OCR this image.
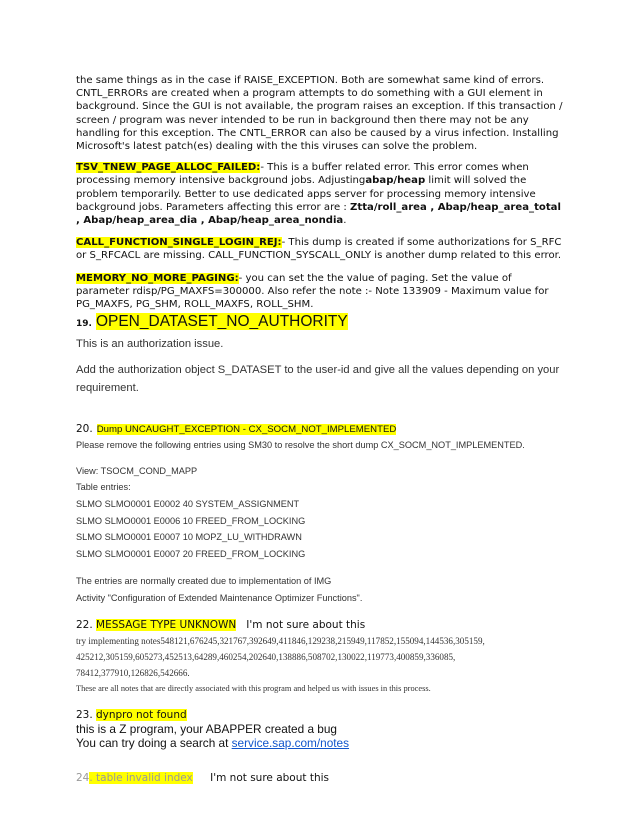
the same things as in the case if RAISE_EXCEPTION. Both are somewhat same kind of errors. CNTL_ERRORs are created when a program attempts to do something with a GUI element in background. Since the GUI is not available, the program raises an exception. If this transaction / screen / program was never intended to be run in background then there may not be any handling for this exception. The CNTL_ERROR can also be caused by a virus infection. Installing Microsoft's latest patch(es) dealing with the this viruses can solve the problem.

TSV_TNEW_PAGE_ALLOC_FAILED:- This is a buffer related error. This error comes when processing memory intensive background jobs. Adjustingabap/heap limit will solved the problem temporarily. Better to use dedicated apps server for processing memory intensive background jobs. Parameters affecting this error are : Ztta/roll_area , Abap/heap_area_total , Abap/heap_area_dia , Abap/heap_area_nondia.

CALL_FUNCTION_SINGLE_LOGIN_REJ:- This dump is created if some authorizations for S_RFC or S_RFCACL are missing. CALL_FUNCTION_SYSCALL_ONLY is another dump related to this error.

MEMORY_NO_MORE_PAGING:- you can set the the value of paging. Set the value of parameter rdisp/PG_MAXFS=300000. Also refer the note :- Note 133909 - Maximum value for PG_MAXFS, PG_SHM, ROLL_MAXFS, ROLL_SHM.

19. OPEN_DATASET_NO_AUTHORITY

This is an authorization issue.

Add the authorization object S_DATASET to the user-id and give all the values depending on your requirement.

20. Dump UNCAUGHT_EXCEPTION - CX_SOCM_NOT_IMPLEMENTED

Please remove the following entries using SM30 to resolve the short dump CX_SOCM_NOT_IMPLEMENTED.

View: TSOCM_COND_MAPP

Table entries:

SLMO SLMO0001 E0002 40 SYSTEM_ASSIGNMENT

SLMO SLMO0001 E0006 10 FREED_FROM_LOCKING

SLMO SLMO0001 E0007 10 MOPZ_LU_WITHDRAWN

SLMO SLMO0001 E0007 20 FREED_FROM_LOCKING

The entries are normally created due to implementation of IMG

Activity "Configuration of Extended Maintenance Optimizer Functions".

22. MESSAGE TYPE UNKNOWN   I'm not sure about this

try implementing notes548121,676245,321767,392649,411846,129238,215949,117852,155094,144536,305159,

425212,305159,605273,452513,64289,460254,202640,138886,508702,130022,119773,400859,336085,

78412,377910,126826,542666.

These are all notes that are directly associated with this program and helped us with issues in this process.

23. dynpro not found

this is a Z program, your ABAPPER created a bug

You can try doing a search at service.sap.com/notes

24. table invalid index I'm not sure about this
